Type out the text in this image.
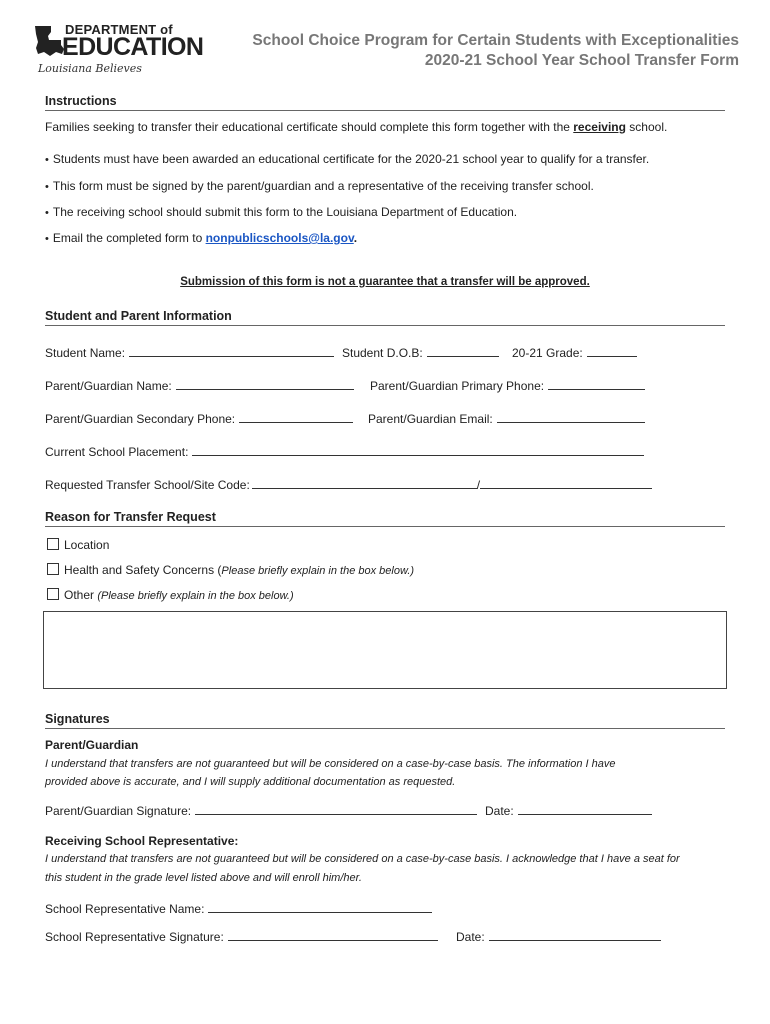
DEPARTMENT of
EDUCATION
Louisiana Believes
School Choice Program for Certain Students with Exceptionalities
2020-21 School Year School Transfer Form
Instructions
Families seeking to transfer their educational certificate should complete this form together with the receiving school.
• Students must have been awarded an educational certificate for the 2020-21 school year to qualify for a transfer.
• This form must be signed by the parent/guardian and a representative of the receiving transfer school.
• The receiving school should submit this form to the Louisiana Department of Education.
• Email the completed form to nonpublicschools@la.gov.
Submission of this form is not a guarantee that a transfer will be approved.
Student and Parent Information
Student Name:	Student D.O.B:	20-21 Grade:
Parent/Guardian Name:	Parent/Guardian Primary Phone:
Parent/Guardian Secondary Phone:	Parent/Guardian Email:
Current School Placement:
Requested Transfer School/Site Code:	/
Reason for Transfer Request
Location
Health and Safety Concerns (Please briefly explain in the box below.)
Other (Please briefly explain in the box below.)
Signatures
Parent/Guardian
I understand that transfers are not guaranteed but will be considered on a case-by-case basis. The information I have
provided above is accurate, and I will supply additional documentation as requested.
Parent/Guardian Signature:	Date:
Receiving School Representative:
I understand that transfers are not guaranteed but will be considered on a case-by-case basis. I acknowledge that I have a seat for
this student in the grade level listed above and will enroll him/her.
School Representative Name:
School Representative Signature:	Date:
